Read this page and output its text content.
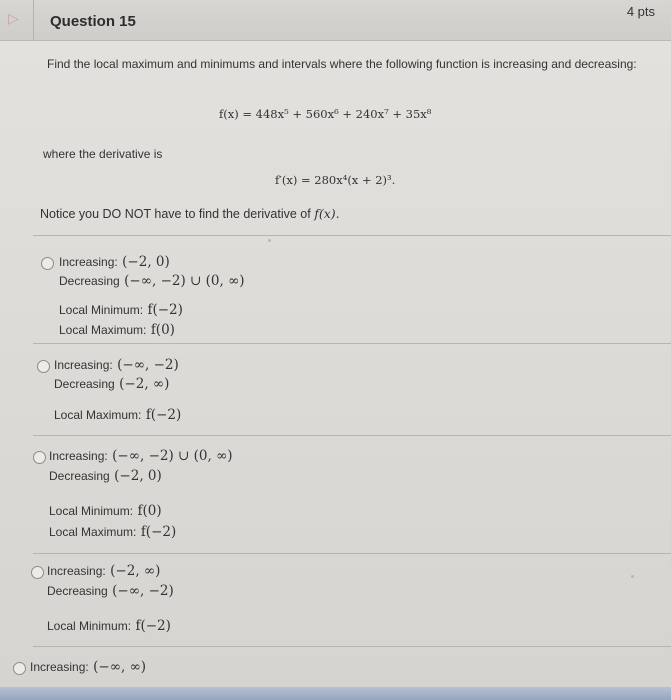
▷ Question 15
4 pts
Find the local maximum and minimums and intervals where the following function is increasing and decreasing:
f(x) = 448x⁵ + 560x⁶ + 240x⁷ + 35x⁸
where the derivative is
f′(x) = 280x⁴(x + 2)³.
Notice you DO NOT have to find the derivative of f(x).
Increasing: (−2, 0)
Decreasing (−∞, −2) ∪ (0, ∞)
Local Minimum: f(−2)
Local Maximum: f(0)
Increasing: (−∞, −2)
Decreasing (−2, ∞)
Local Maximum: f(−2)
Increasing: (−∞, −2) ∪ (0, ∞)
Decreasing (−2, 0)
Local Minimum: f(0)
Local Maximum: f(−2)
Increasing: (−2, ∞)
Decreasing (−∞, −2)
Local Minimum: f(−2)
Increasing: (−∞, ∞)
